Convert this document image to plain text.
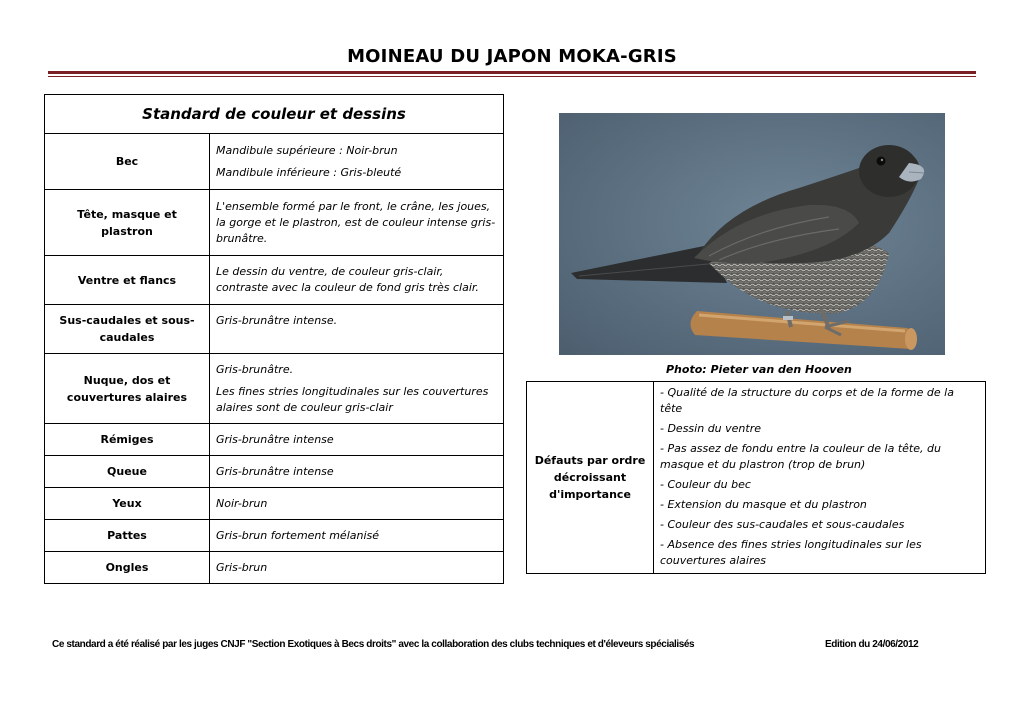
MOINEAU DU JAPON MOKA-GRIS
Standard de couleur et dessins	
Bec	Mandibule supérieure : Noir-brun

Mandibule inférieure : Gris-bleuté

Tête, masque et plastron	L'ensemble formé par le front, le crâne, les joues, la gorge et le plastron, est de couleur intense gris-brunâtre.

Ventre et flancs	Le dessin du ventre, de couleur gris-clair, contraste avec la couleur de fond gris très clair.

Sus-caudales et sous-caudales	Gris-brunâtre intense.

Nuque, dos et couvertures alaires	Gris-brunâtre.

Les fines stries longitudinales sur les couvertures alaires sont de couleur gris-clair

Rémiges	Gris-brunâtre intense
Queue	Gris-brunâtre intense
Yeux	Noir-brun
Pattes	Gris-brun fortement mélanisé
Ongles	Gris-brun
Photo: Pieter van den Hooven
Défauts par ordre décroissant d'importance	

- Qualité de la structure du corps et de la forme de la tête

- Dessin du ventre

- Pas assez de fondu entre la couleur de la tête, du masque et du plastron (trop de brun)

- Couleur du bec

- Extension du masque et du plastron

- Couleur des sus-caudales et sous-caudales

- Absence des fines stries longitudinales sur les couvertures alaires

Ce standard a été réalisé par les juges CNJF "Section Exotiques à Becs droits" avec la collaboration des clubs techniques et d'éleveurs spécialisés	Edition du 24/06/2012
